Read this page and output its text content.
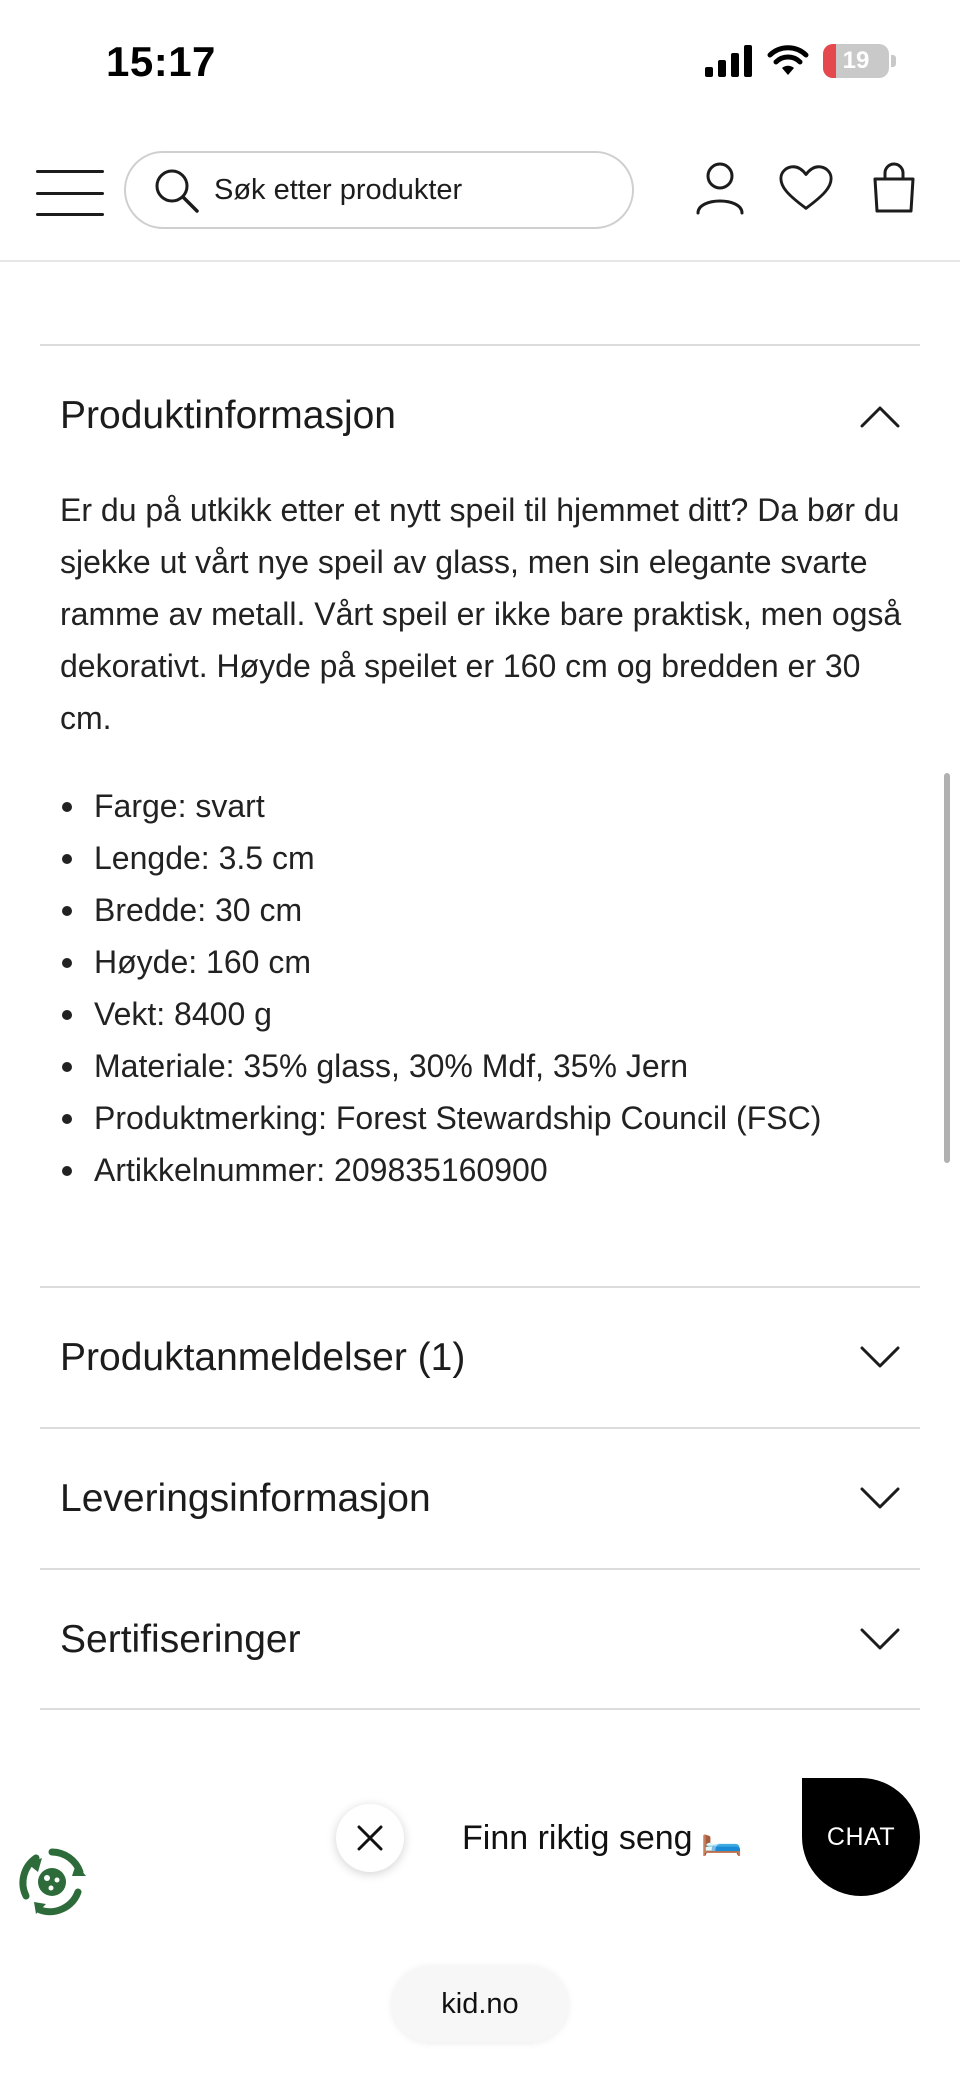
15:17	19
Søk etter produkter
Produktinformasjon

Er du på utkikk etter et nytt speil til hjemmet ditt? Da bør du sjekke ut vårt nye speil av glass, men sin elegante svarte ramme av metall. Vårt speil er ikke bare praktisk, men også dekorativt. Høyde på speilet er 160 cm og bredden er 30 cm.

Farge: svart
Lengde: 3.5 cm
Bredde: 30 cm
Høyde: 160 cm
Vekt: 8400 g
Materiale: 35% glass, 30% Mdf, 35% Jern
Produktmerking: Forest Stewardship Council (FSC)
Artikkelnummer: 209835160900
Produktanmeldelser (1)
Leveringsinformasjon
Sertifiseringer
Finn riktig seng 🛏️	CHAT
kid.no
